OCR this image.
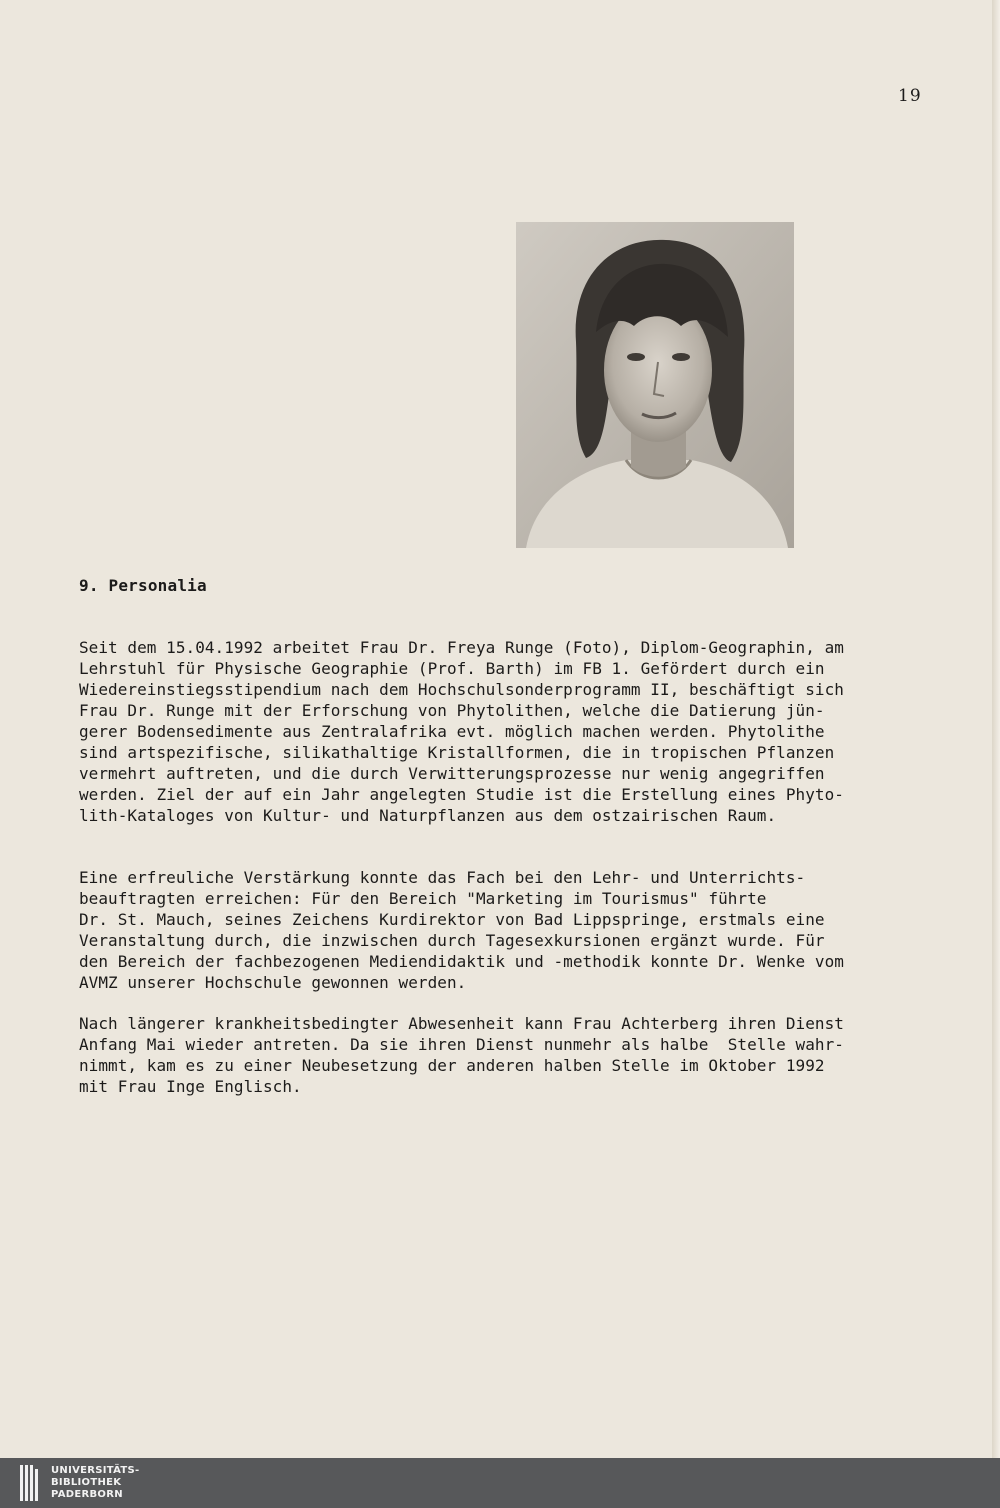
19
9. Personalia
Seit dem 15.04.1992 arbeitet Frau Dr. Freya Runge (Foto), Diplom-Geographin, am
Lehrstuhl für Physische Geographie (Prof. Barth) im FB 1. Gefördert durch ein
Wiedereinstiegsstipendium nach dem Hochschulsonderprogramm II, beschäftigt sich
Frau Dr. Runge mit der Erforschung von Phytolithen, welche die Datierung jün-
gerer Bodensedimente aus Zentralafrika evt. möglich machen werden. Phytolithe
sind artspezifische, silikathaltige Kristallformen, die in tropischen Pflanzen
vermehrt auftreten, und die durch Verwitterungsprozesse nur wenig angegriffen
werden. Ziel der auf ein Jahr angelegten Studie ist die Erstellung eines Phyto-
lith-Kataloges von Kultur- und Naturpflanzen aus dem ostzairischen Raum.
Eine erfreuliche Verstärkung konnte das Fach bei den Lehr- und Unterrichts-
beauftragten erreichen: Für den Bereich "Marketing im Tourismus" führte
Dr. St. Mauch, seines Zeichens Kurdirektor von Bad Lippspringe, erstmals eine
Veranstaltung durch, die inzwischen durch Tagesexkursionen ergänzt wurde. Für
den Bereich der fachbezogenen Mediendidaktik und -methodik konnte Dr. Wenke vom
AVMZ unserer Hochschule gewonnen werden.
Nach längerer krankheitsbedingter Abwesenheit kann Frau Achterberg ihren Dienst
Anfang Mai wieder antreten. Da sie ihren Dienst nunmehr als halbe  Stelle wahr-
nimmt, kam es zu einer Neubesetzung der anderen halben Stelle im Oktober 1992
mit Frau Inge Englisch.
UNIVERSITÄTS-
BIBLIOTHEK
PADERBORN
